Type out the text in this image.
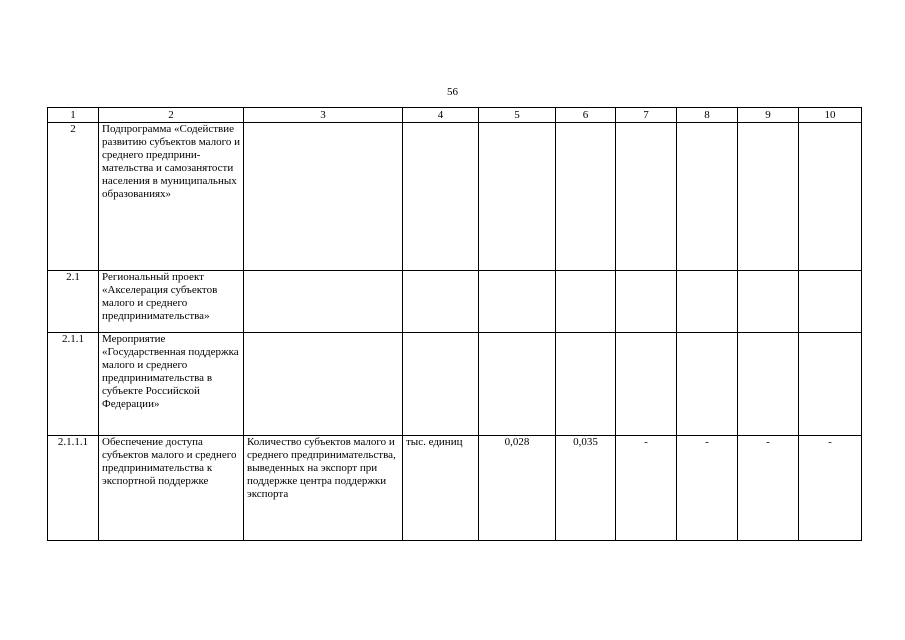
56
1	2	3	4	5	6	7	8	9	10
2	Подпрограмма «Содействие развитию субъектов малого и среднего предпринимательства и самозанятости населения в муниципальных образованиях»								
2.1	Региональный проект «Акселерация субъектов малого и среднего предпринимательства»								
2.1.1	Мероприятие «Государственная поддержка малого и среднего предпринимательства в субъекте Российской Федерации»								
2.1.1.1	Обеспечение доступа субъектов малого и среднего предпринимательства к экспортной поддержке	Количество субъектов малого и среднего предпринимательства, выведенных на экспорт при поддержке центра поддержки экспорта	тыс. единиц	0,028	0,035	-	-	-	-
